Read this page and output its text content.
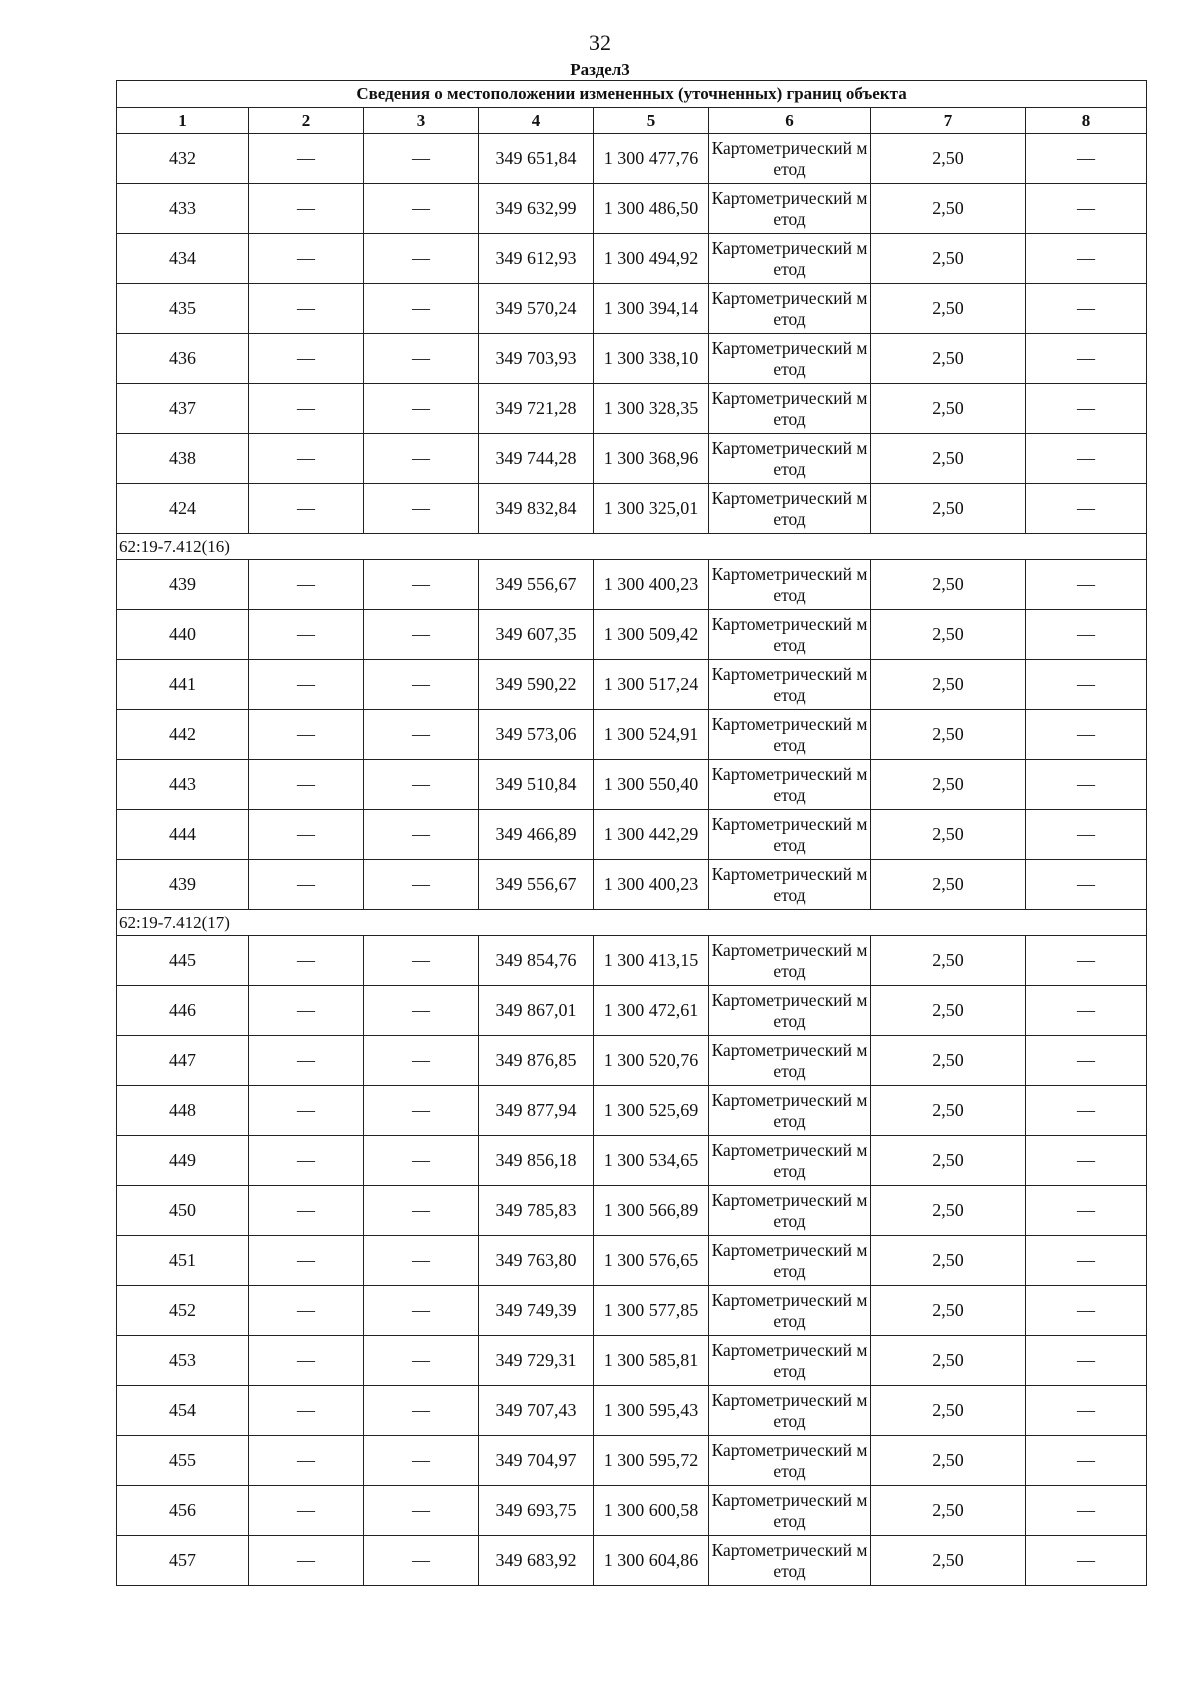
32
Раздел3
Сведения о местоположении измененных (уточненных) границ объекта							
1	2	3	4	5	6	7	8
432	—	—	349 651,84	1 300 477,76	Картометрический метод	2,50	—
433	—	—	349 632,99	1 300 486,50	Картометрический метод	2,50	—
434	—	—	349 612,93	1 300 494,92	Картометрический метод	2,50	—
435	—	—	349 570,24	1 300 394,14	Картометрический метод	2,50	—
436	—	—	349 703,93	1 300 338,10	Картометрический метод	2,50	—
437	—	—	349 721,28	1 300 328,35	Картометрический метод	2,50	—
438	—	—	349 744,28	1 300 368,96	Картометрический метод	2,50	—
424	—	—	349 832,84	1 300 325,01	Картометрический метод	2,50	—
62:19-7.412(16)							
439	—	—	349 556,67	1 300 400,23	Картометрический метод	2,50	—
440	—	—	349 607,35	1 300 509,42	Картометрический метод	2,50	—
441	—	—	349 590,22	1 300 517,24	Картометрический метод	2,50	—
442	—	—	349 573,06	1 300 524,91	Картометрический метод	2,50	—
443	—	—	349 510,84	1 300 550,40	Картометрический метод	2,50	—
444	—	—	349 466,89	1 300 442,29	Картометрический метод	2,50	—
439	—	—	349 556,67	1 300 400,23	Картометрический метод	2,50	—
62:19-7.412(17)							
445	—	—	349 854,76	1 300 413,15	Картометрический метод	2,50	—
446	—	—	349 867,01	1 300 472,61	Картометрический метод	2,50	—
447	—	—	349 876,85	1 300 520,76	Картометрический метод	2,50	—
448	—	—	349 877,94	1 300 525,69	Картометрический метод	2,50	—
449	—	—	349 856,18	1 300 534,65	Картометрический метод	2,50	—
450	—	—	349 785,83	1 300 566,89	Картометрический метод	2,50	—
451	—	—	349 763,80	1 300 576,65	Картометрический метод	2,50	—
452	—	—	349 749,39	1 300 577,85	Картометрический метод	2,50	—
453	—	—	349 729,31	1 300 585,81	Картометрический метод	2,50	—
454	—	—	349 707,43	1 300 595,43	Картометрический метод	2,50	—
455	—	—	349 704,97	1 300 595,72	Картометрический метод	2,50	—
456	—	—	349 693,75	1 300 600,58	Картометрический метод	2,50	—
457	—	—	349 683,92	1 300 604,86	Картометрический метод	2,50	—
